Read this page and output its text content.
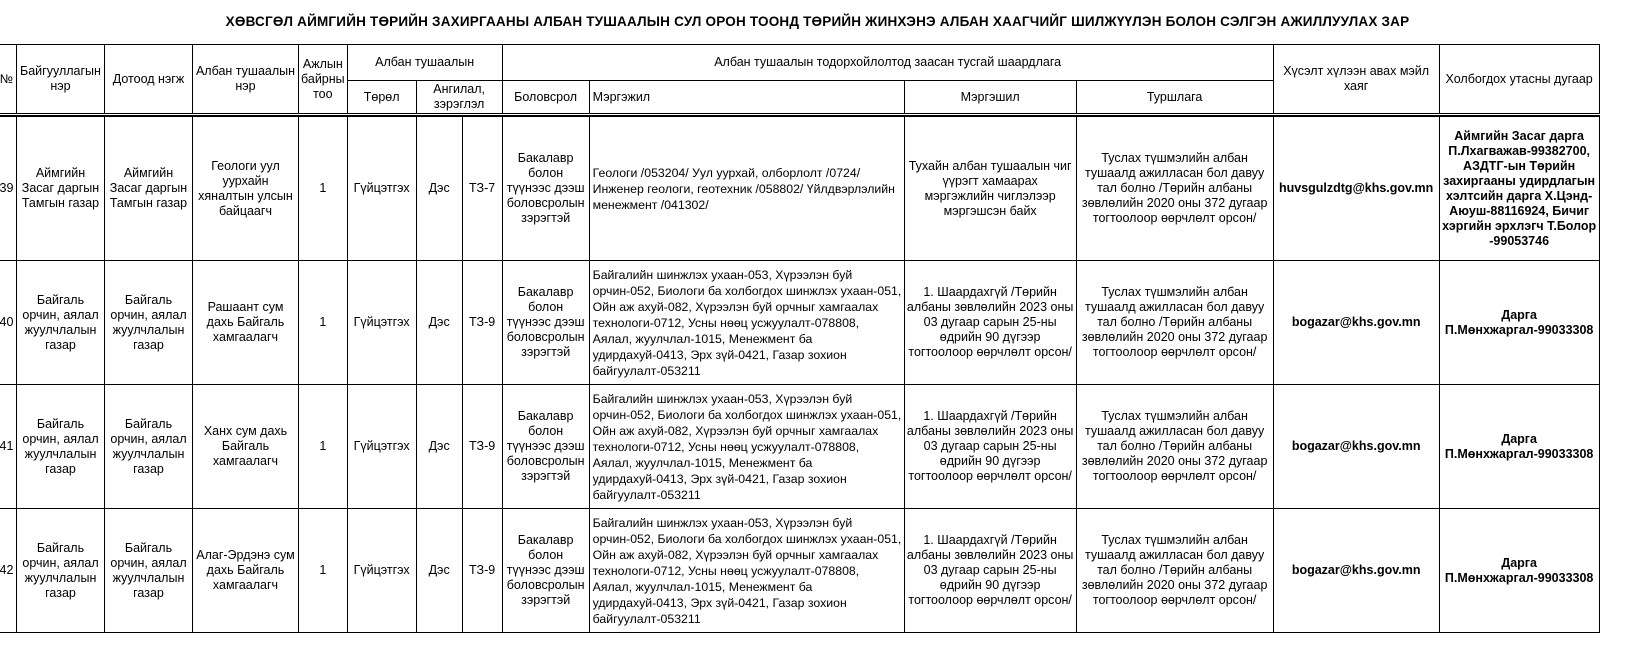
ХӨВСГӨЛ АЙМГИЙН ТӨРИЙН ЗАХИРГААНЫ АЛБАН ТУШААЛЫН СУЛ ОРОН ТООНД ТӨРИЙН ЖИНХЭНЭ АЛБАН ХААГЧИЙГ ШИЛЖҮҮЛЭН БОЛОН СЭЛГЭН АЖИЛЛУУЛАХ ЗАР
№	Байгууллагын нэр	Дотоод нэгж	Албан тушаалын нэр	Ажлын байрны тоо	Албан тушаалын			Албан тушаалын тодорхойлолтод заасан тусгай шаардлага				Хүсэлт хүлээн авах мэйл хаяг	Холбогдох утасны дугаар
					Төрөл	Ангилал, зэрэглэл		Боловсрол	Мэргэжил	Мэргэшил	Туршлага		

39	Аймгийн Засаг даргын Тамгын газар	Аймгийн Засаг даргын Тамгын газар	Геологи уул уурхайн хяналтын улсын байцаагч	1	Гүйцэтгэх	Дэс	ТЗ-7	Бакалавр болон түүнээс дээш боловсролын зэрэгтэй	Геологи /053204/ Уул уурхай, олборлолт /0724/ Инженер геологи, геотехник /058802/ Үйлдвэрлэлийн менежмент /041302/	Тухайн албан тушаалын чиг үүрэгт хамаарах мэргэжлийн чиглэлээр мэргэшсэн байх	Туслах түшмэлийн албан тушаалд ажилласан бол давуу тал болно /Төрийн албаны зөвлөлийн 2020 оны 372 дугаар тогтоолоор өөрчлөлт орсон/	huvsgulzdtg@khs.gov.mn	Аймгийн Засаг дарга П.Лхагважав-99382700, АЗДТГ-ын Төрийн захиргааны удирдлагын хэлтсийн дарга Х.Цэнд-Аюуш-88116924, Бичиг хэргийн эрхлэгч Т.Болор -99053746
40	Байгаль орчин, аялал жуулчлалын газар	Байгаль орчин, аялал жуулчлалын газар	Рашаант сум дахь Байгаль хамгаалагч	1	Гүйцэтгэх	Дэс	ТЗ-9	Бакалавр болон түүнээс дээш боловсролын зэрэгтэй	Байгалийн шинжлэх ухаан-053, Хүрээлэн буй орчин-052, Биологи ба холбогдох шинжлэх ухаан-051, Ойн аж ахуй-082, Хүрээлэн буй орчныг хамгаалах технологи-0712, Усны нөөц усжуулалт-078808, Аялал, жуулчлал-1015, Менежмент ба удирдахуй-0413, Эрх зүй-0421, Газар зохион байгуулалт-053211	1. Шаардахгүй /Төрийн албаны зөвлөлийн 2023 оны 03 дугаар сарын 25-ны өдрийн 90 дүгээр тогтоолоор өөрчлөлт орсон/	Туслах түшмэлийн албан тушаалд ажилласан бол давуу тал болно /Төрийн албаны зөвлөлийн 2020 оны 372 дугаар тогтоолоор өөрчлөлт орсон/	bogazar@khs.gov.mn	Дарга П.Мөнхжаргал-99033308
41	Байгаль орчин, аялал жуулчлалын газар	Байгаль орчин, аялал жуулчлалын газар	Ханх сум дахь Байгаль хамгаалагч	1	Гүйцэтгэх	Дэс	ТЗ-9	Бакалавр болон түүнээс дээш боловсролын зэрэгтэй	Байгалийн шинжлэх ухаан-053, Хүрээлэн буй орчин-052, Биологи ба холбогдох шинжлэх ухаан-051, Ойн аж ахуй-082, Хүрээлэн буй орчныг хамгаалах технологи-0712, Усны нөөц усжуулалт-078808, Аялал, жуулчлал-1015, Менежмент ба удирдахуй-0413, Эрх зүй-0421, Газар зохион байгуулалт-053211	1. Шаардахгүй /Төрийн албаны зөвлөлийн 2023 оны 03 дугаар сарын 25-ны өдрийн 90 дүгээр тогтоолоор өөрчлөлт орсон/	Туслах түшмэлийн албан тушаалд ажилласан бол давуу тал болно /Төрийн албаны зөвлөлийн 2020 оны 372 дугаар тогтоолоор өөрчлөлт орсон/	bogazar@khs.gov.mn	Дарга П.Мөнхжаргал-99033308
42	Байгаль орчин, аялал жуулчлалын газар	Байгаль орчин, аялал жуулчлалын газар	Алаг-Эрдэнэ сум дахь Байгаль хамгаалагч	1	Гүйцэтгэх	Дэс	ТЗ-9	Бакалавр болон түүнээс дээш боловсролын зэрэгтэй	Байгалийн шинжлэх ухаан-053, Хүрээлэн буй орчин-052, Биологи ба холбогдох шинжлэх ухаан-051, Ойн аж ахуй-082, Хүрээлэн буй орчныг хамгаалах технологи-0712, Усны нөөц усжуулалт-078808, Аялал, жуулчлал-1015, Менежмент ба удирдахуй-0413, Эрх зүй-0421, Газар зохион байгуулалт-053211	1. Шаардахгүй /Төрийн албаны зөвлөлийн 2023 оны 03 дугаар сарын 25-ны өдрийн 90 дүгээр тогтоолоор өөрчлөлт орсон/	Туслах түшмэлийн албан тушаалд ажилласан бол давуу тал болно /Төрийн албаны зөвлөлийн 2020 оны 372 дугаар тогтоолоор өөрчлөлт орсон/	bogazar@khs.gov.mn	Дарга П.Мөнхжаргал-99033308
